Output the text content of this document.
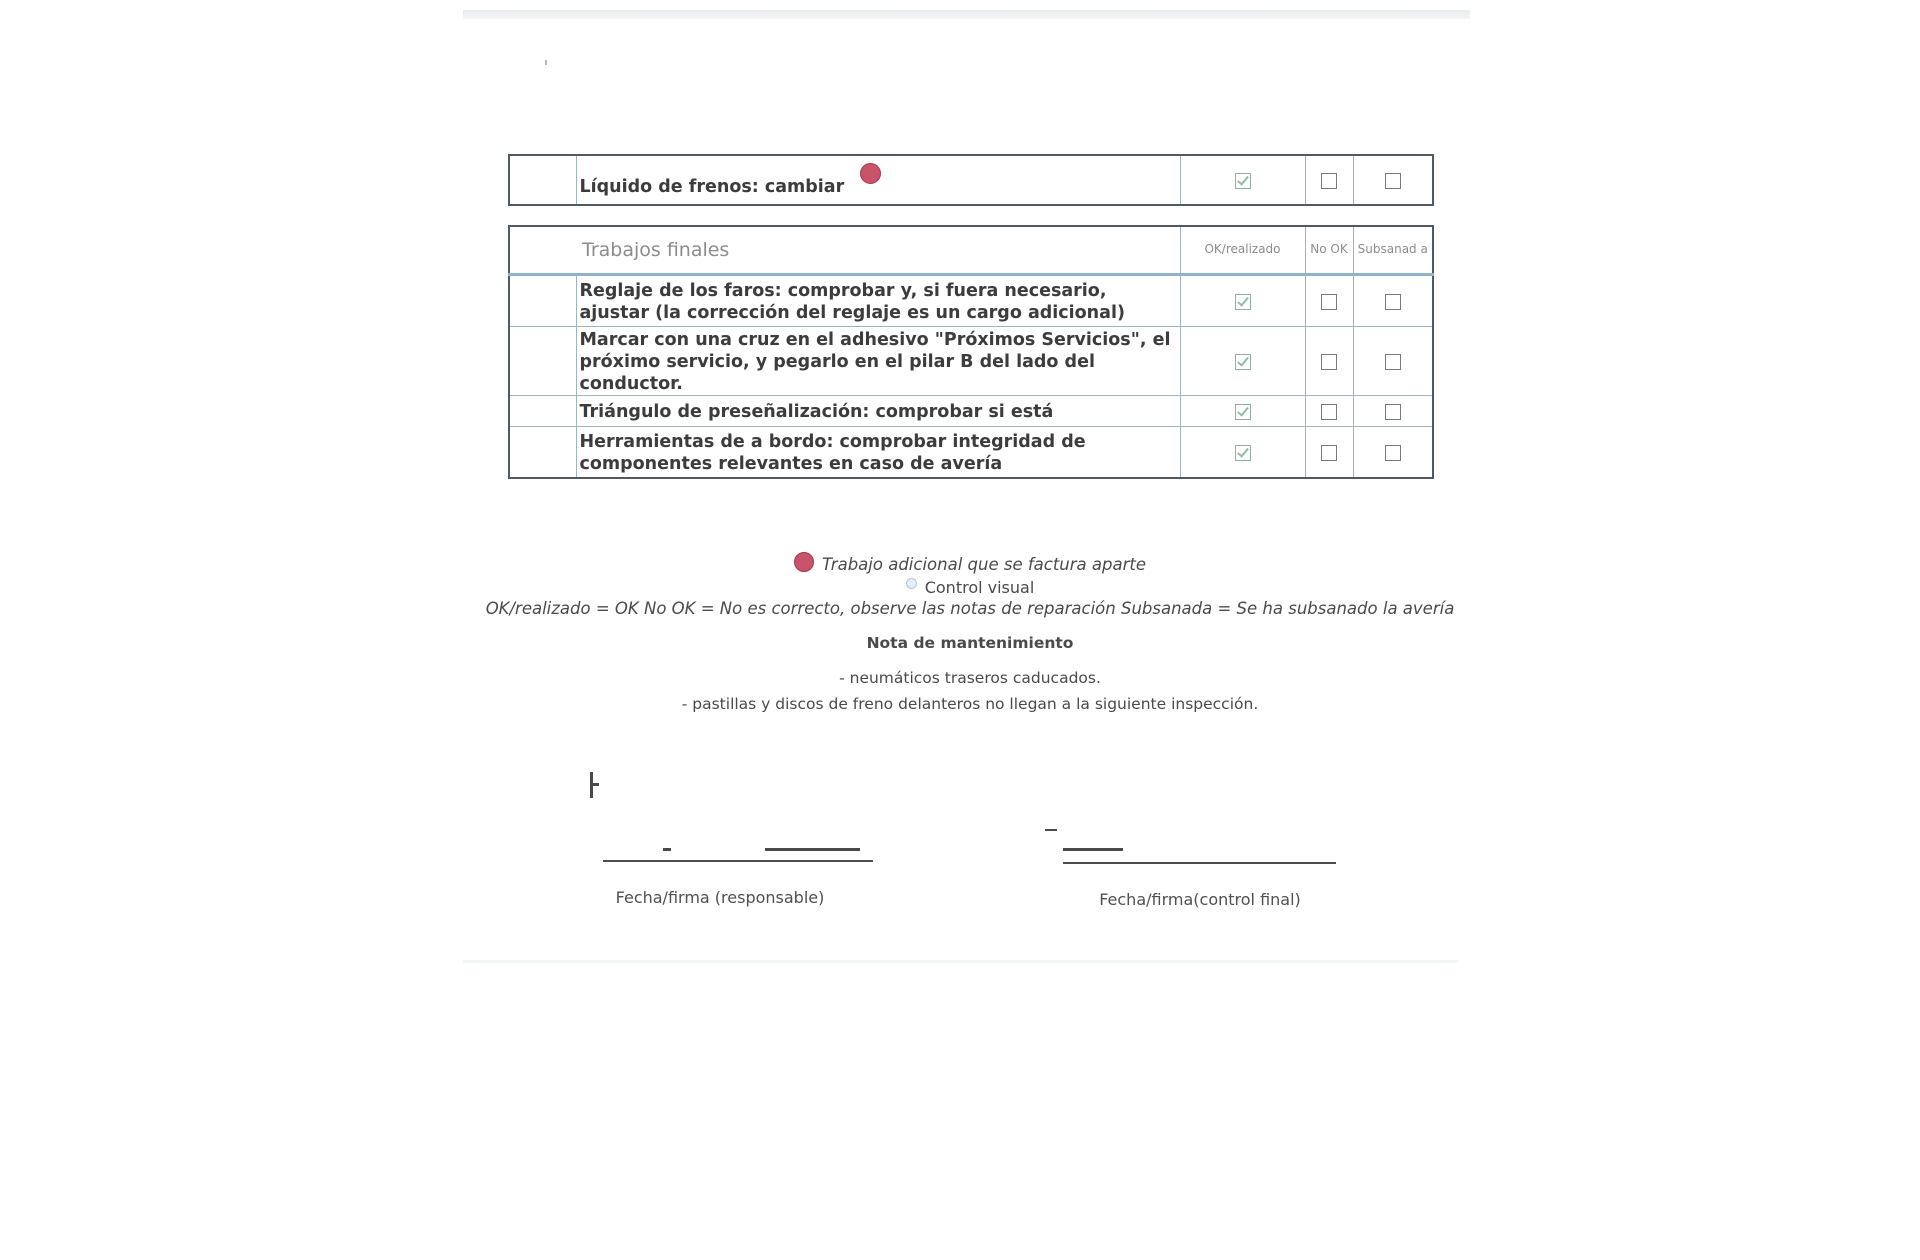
	Líquido de frenos: cambiar			
	Trabajos finales	OK/realizado	No OK	Subsanad a
	Reglaje de los faros: comprobar y, si fuera necesario, ajustar (la corrección del reglaje es un cargo adicional)			
	Marcar con una cruz en el adhesivo "Próximos Servicios", el próximo servicio, y pegarlo en el pilar B del lado del conductor.			
	Triángulo de preseñalización: comprobar si está			
	Herramientas de a bordo: comprobar integridad de componentes relevantes en caso de avería			
Trabajo adicional que se factura aparte
Control visual
OK/realizado = OK No OK = No es correcto, observe las notas de reparación Subsanada = Se ha subsanado la avería
Nota de mantenimiento
- neumáticos traseros caducados.
- pastillas y discos de freno delanteros no llegan a la siguiente inspección.
Fecha/firma (responsable)	Fecha/firma(control final)
